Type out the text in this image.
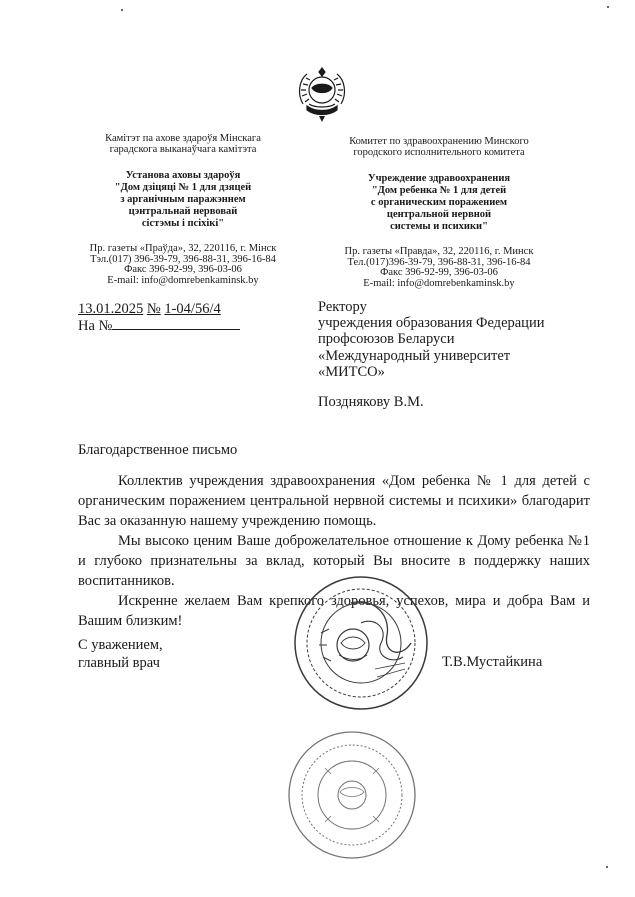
Камітэт па ахове здароўя Мінскага
гарадскога выканаўчага камітэта
Установа аховы здароўя
"Дом дзіцяці № 1 для дзяцей
з арганічным паражэннем
цэнтральнай нервовай
сістэмы і псіхікі"
Пр. газеты «Праўда», 32, 220116, г. Мінск
Тэл.(017) 396-39-79, 396-88-31, 396-16-84
Факс 396-92-99, 396-03-06
E-mail: info@domrebenkaminsk.by
Комитет по здравоохранению Минского
городского исполнительного комитета
Учреждение здравоохранения
"Дом ребенка № 1 для детей
с органическим поражением
центральной нервной
системы и психики"
Пр. газеты «Правда», 32, 220116, г. Минск
Тел.(017)396-39-79, 396-88-31, 396-16-84
Факс 396-92-99, 396-03-06
E-mail: info@domrebenkaminsk.by
13.01.2025 № 1-04/56/4
На №
Ректору
учреждения образования Федерации
профсоюзов Беларуси
«Международный университет
«МИТСО»
Позднякову В.М.
Благодарственное письмо

Коллектив учреждения здравоохранения «Дом ребенка № 1 для детей с органическим поражением центральной нервной системы и психики» благодарит Вас за оказанную нашему учреждению помощь.

Мы высоко ценим Ваше доброжелательное отношение к Дому ребенка №1 и глубоко признательны за вклад, который Вы вносите в поддержку наших воспитанников.

Искренне желаем Вам крепкого здоровья, успехов, мира и добра Вам и Вашим близким!

С уважением,
главный врач	Т.В.Мустайкина
